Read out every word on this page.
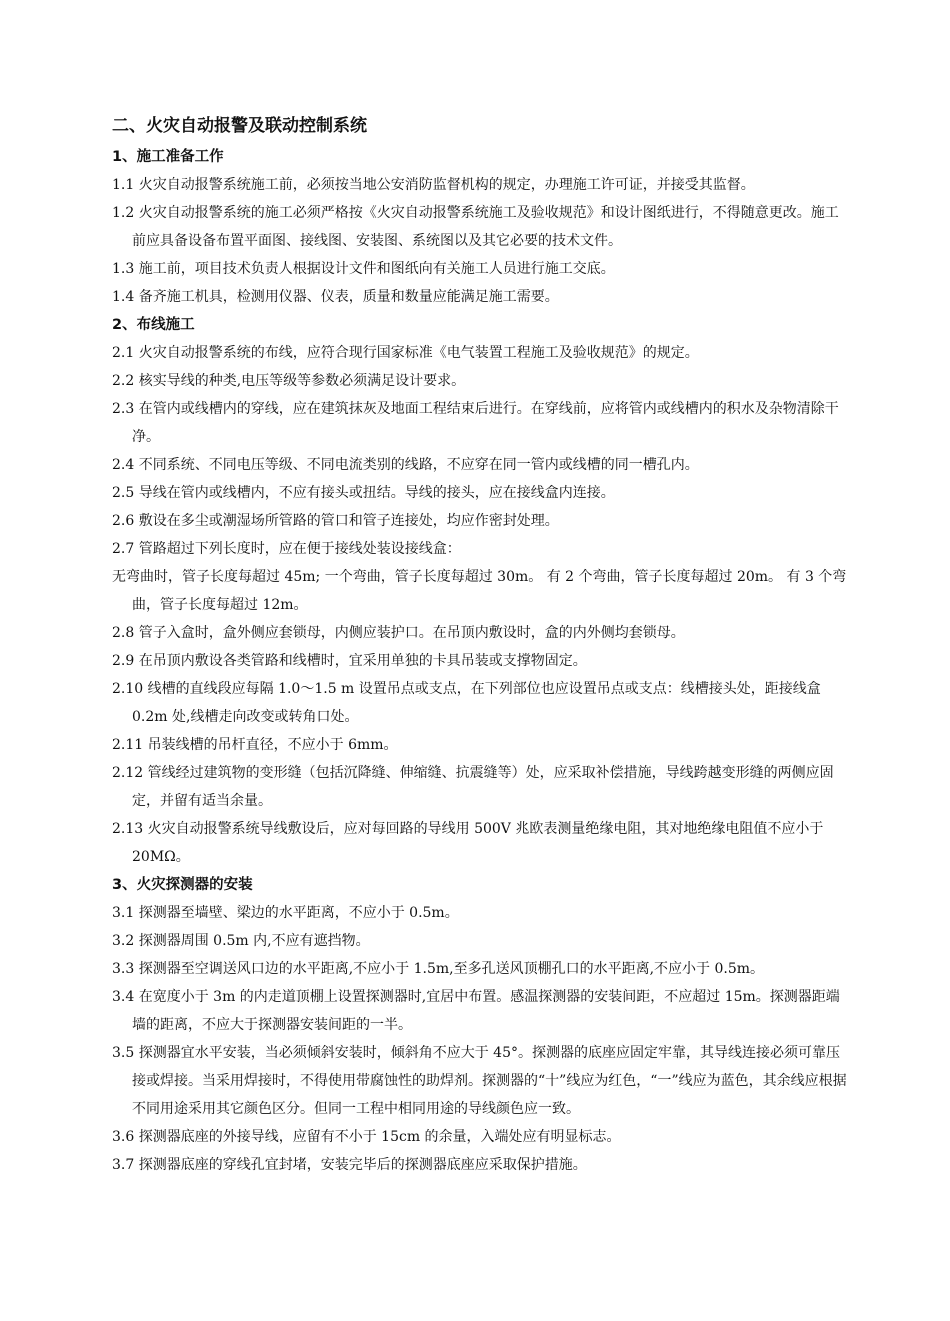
二、火灾自动报警及联动控制系统
1、施工准备工作
1.1 火灾自动报警系统施工前，必须按当地公安消防监督机构的规定，办理施工许可证，并接受其监督。
1.2 火灾自动报警系统的施工必须严格按《火灾自动报警系统施工及验收规范》和设计图纸进行，不得随意更改。施工前应具备设备布置平面图、接线图、安装图、系统图以及其它必要的技术文件。
1.3 施工前，项目技术负责人根据设计文件和图纸向有关施工人员进行施工交底。
1.4 备齐施工机具，检测用仪器、仪表，质量和数量应能满足施工需要。
2、布线施工
2.1 火灾自动报警系统的布线，应符合现行国家标准《电气装置工程施工及验收规范》的规定。
2.2 核实导线的种类,电压等级等参数必须满足设计要求。
2.3 在管内或线槽内的穿线，应在建筑抹灰及地面工程结束后进行。在穿线前，应将管内或线槽内的积水及杂物清除干净。
2.4 不同系统、不同电压等级、不同电流类别的线路，不应穿在同一管内或线槽的同一槽孔内。
2.5 导线在管内或线槽内，不应有接头或扭结。导线的接头，应在接线盒内连接。
2.6 敷设在多尘或潮湿场所管路的管口和管子连接处，均应作密封处理。
2.7 管路超过下列长度时，应在便于接线处装设接线盒：
无弯曲时，管子长度每超过 45m; 一个弯曲，管子长度每超过 30m。 有 2 个弯曲，管子长度每超过 20m。 有 3 个弯曲，管子长度每超过 12m。
2.8 管子入盒时，盒外侧应套锁母，内侧应装护口。在吊顶内敷设时，盒的内外侧均套锁母。
2.9 在吊顶内敷设各类管路和线槽时，宜采用单独的卡具吊装或支撑物固定。
2.10 线槽的直线段应每隔 1.0～1.5 m 设置吊点或支点，在下列部位也应设置吊点或支点：线槽接头处，距接线盒 0.2m 处,线槽走向改变或转角口处。
2.11 吊装线槽的吊杆直径，不应小于 6mm。
2.12 管线经过建筑物的变形缝（包括沉降缝、伸缩缝、抗震缝等）处，应采取补偿措施，导线跨越变形缝的两侧应固定，并留有适当余量。
2.13 火灾自动报警系统导线敷设后，应对每回路的导线用 500V 兆欧表测量绝缘电阻，其对地绝缘电阻值不应小于 20MΩ。
3、火灾探测器的安装
3.1 探测器至墙壁、梁边的水平距离，不应小于 0.5m。
3.2 探测器周围 0.5m 内,不应有遮挡物。
3.3 探测器至空调送风口边的水平距离,不应小于 1.5m,至多孔送风顶棚孔口的水平距离,不应小于 0.5m。
3.4 在宽度小于 3m 的内走道顶棚上设置探测器时,宜居中布置。感温探测器的安装间距，不应超过 15m。探测器距端墙的距离，不应大于探测器安装间距的一半。
3.5 探测器宜水平安装，当必须倾斜安装时，倾斜角不应大于 45°。探测器的底座应固定牢靠，其导线连接必须可靠压接或焊接。当采用焊接时，不得使用带腐蚀性的助焊剂。探测器的“十”线应为红色，“一”线应为蓝色，其余线应根据不同用途采用其它颜色区分。但同一工程中相同用途的导线颜色应一致。
3.6 探测器底座的外接导线，应留有不小于 15cm 的余量，入端处应有明显标志。
3.7 探测器底座的穿线孔宜封堵，安装完毕后的探测器底座应采取保护措施。
